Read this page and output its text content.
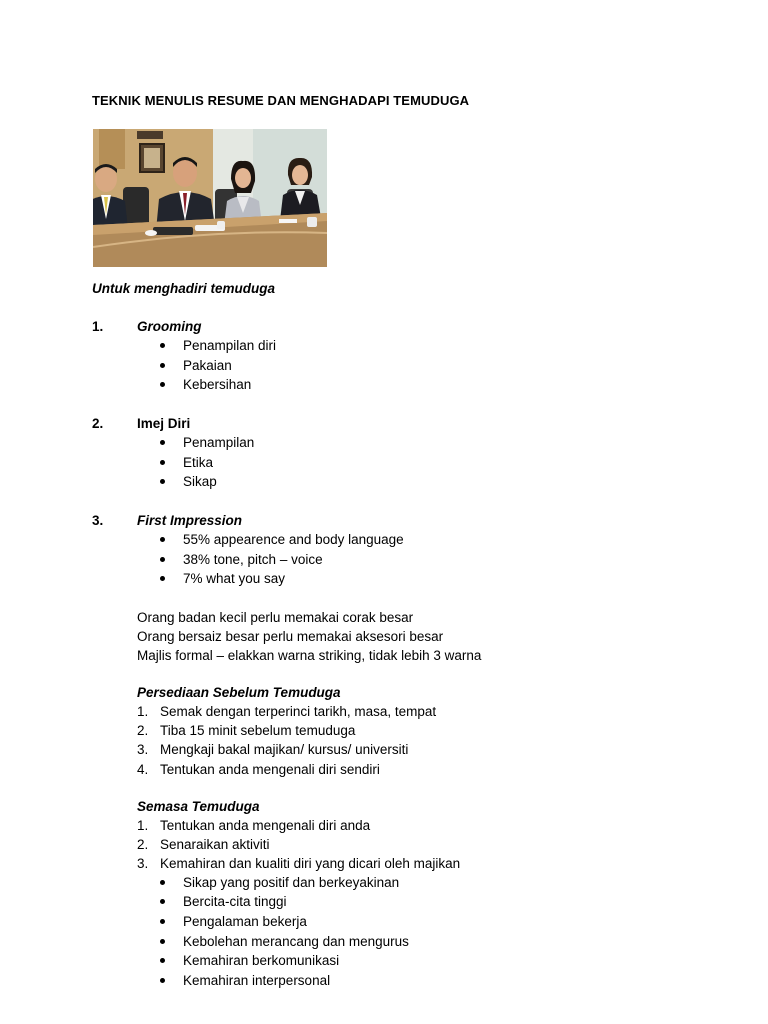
TEKNIK MENULIS RESUME DAN MENGHADAPI TEMUDUGA
Untuk menghadiri temuduga
1. Grooming
Penampilan diri
Pakaian
Kebersihan
2. Imej Diri
Penampilan
Etika
Sikap
3. First Impression
55% appearence and body language
38% tone, pitch – voice
7% what you say
Orang badan kecil perlu memakai corak besar
Orang bersaiz besar perlu memakai aksesori besar
Majlis formal – elakkan warna striking, tidak lebih 3 warna
Persediaan Sebelum Temuduga
1. Semak dengan terperinci tarikh, masa, tempat
2. Tiba 15 minit sebelum temuduga
3. Mengkaji bakal majikan/ kursus/ universiti
4. Tentukan anda mengenali diri sendiri
Semasa Temuduga
1. Tentukan anda mengenali diri anda
2. Senaraikan aktiviti
3. Kemahiran dan kualiti diri yang dicari oleh majikan
Sikap yang positif dan berkeyakinan
Bercita-cita tinggi
Pengalaman bekerja
Kebolehan merancang dan mengurus
Kemahiran berkomunikasi
Kemahiran interpersonal
